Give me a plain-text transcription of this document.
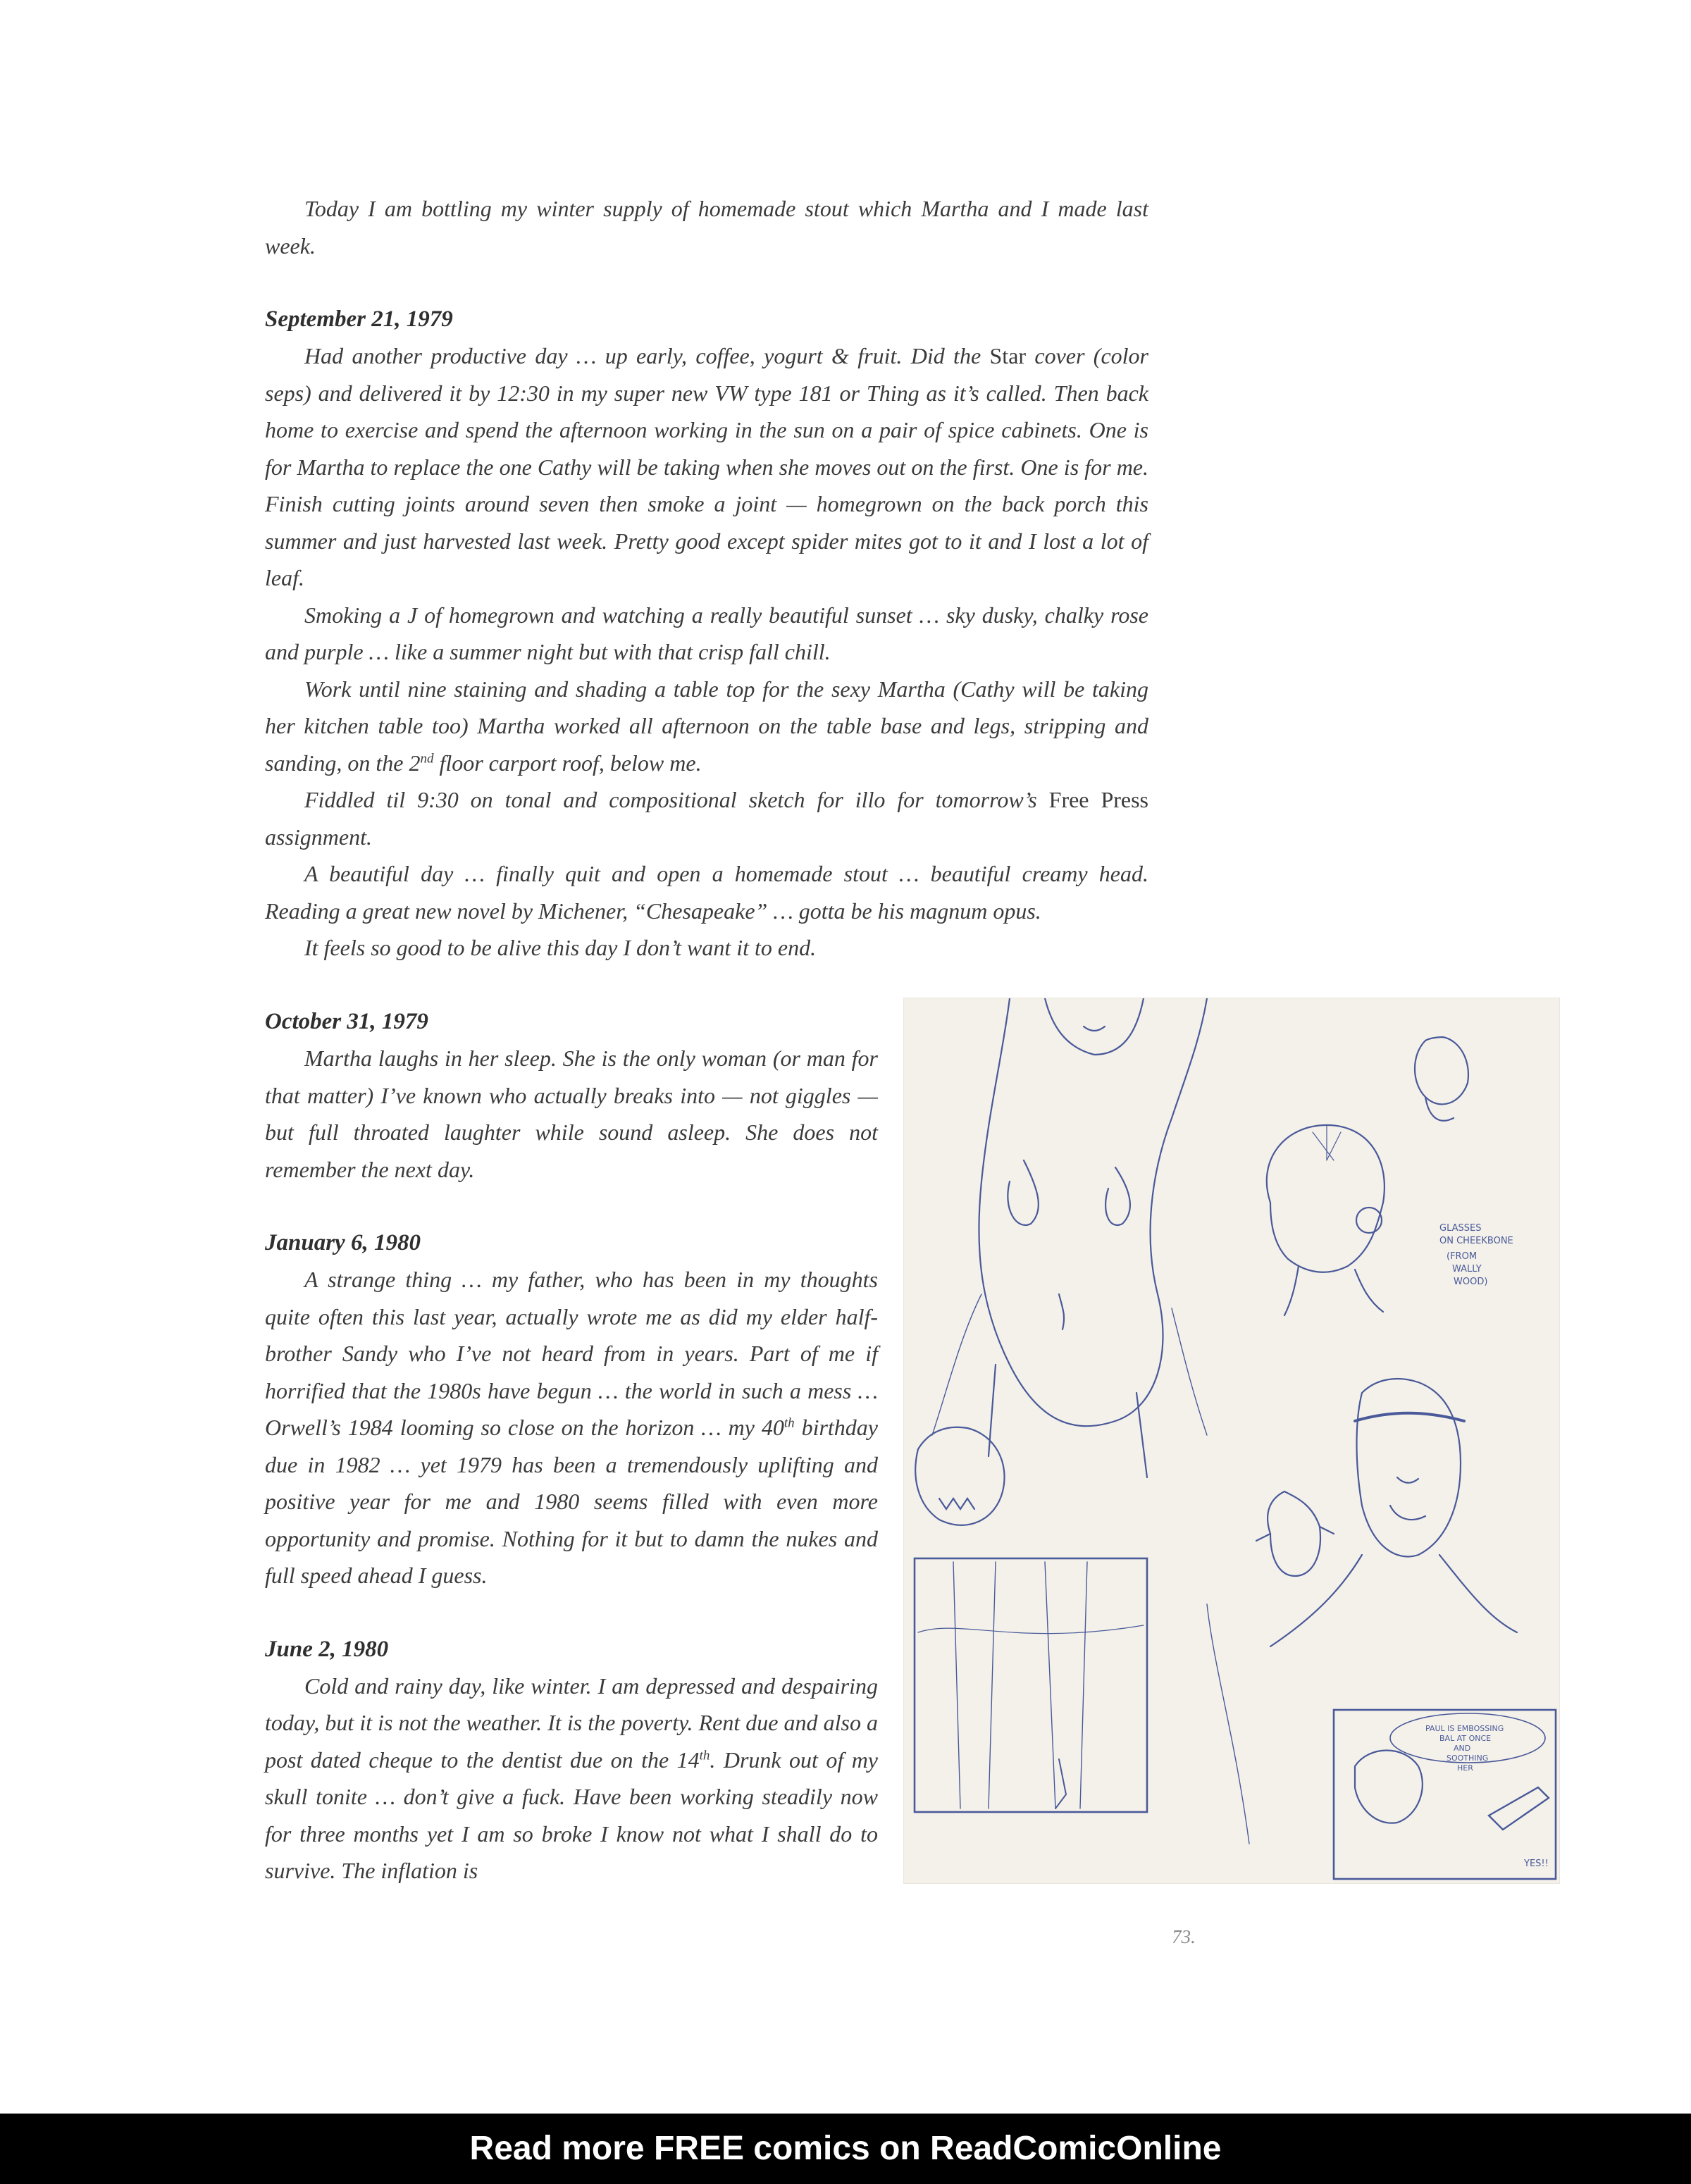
Today I am bottling my winter supply of homemade stout which Martha and I made last week.

September 21, 1979

Had another productive day … up early, coffee, yogurt & fruit. Did the Star cover (color seps) and delivered it by 12:30 in my super new VW type 181 or Thing as it’s called. Then back home to exercise and spend the afternoon working in the sun on a pair of spice cabinets. One is for Martha to replace the one Cathy will be taking when she moves out on the first. One is for me. Finish cutting joints around seven then smoke a joint — homegrown on the back porch this summer and just harvested last week. Pretty good except spider mites got to it and I lost a lot of leaf.

Smoking a J of homegrown and watching a really beautiful sunset … sky dusky, chalky rose and purple … like a summer night but with that crisp fall chill.

Work until nine staining and shading a table top for the sexy Martha (Cathy will be taking her kitchen table too) Martha worked all afternoon on the table base and legs, stripping and sanding, on the 2nd floor carport roof, below me.

Fiddled til 9:30 on tonal and compositional sketch for illo for tomorrow’s Free Press assignment.

A beautiful day … finally quit and open a homemade stout … beautiful creamy head. Reading a great new novel by Michener, “Chesapeake” … gotta be his magnum opus.

It feels so good to be alive this day I don’t want it to end.

October 31, 1979

Martha laughs in her sleep. She is the only woman (or man for that matter) I’ve known who actually breaks into — not giggles — but full throated laughter while sound asleep. She does not remember the next day.

January 6, 1980

A strange thing … my father, who has been in my thoughts quite often this last year, actually wrote me as did my elder half-brother Sandy who I’ve not heard from in years. Part of me if horrified that the 1980s have begun … the world in such a mess … Orwell’s 1984 looming so close on the horizon … my 40th birthday due in 1982 … yet 1979 has been a tremendously uplifting and positive year for me and 1980 seems filled with even more opportunity and promise. Nothing for it but to damn the nukes and full speed ahead I guess.

June 2, 1980

Cold and rainy day, like winter. I am depressed and despairing today, but it is not the weather. It is the poverty. Rent due and also a post dated cheque to the dentist due on the 14th. Drunk out of my skull tonite … don’t give a fuck. Have been working steadily now for three months yet I am so broke I know not what I shall do to survive. The inflation is

GLASSES
ON CHEEKBONE
(FROM
WALLY
WOOD)
PAUL IS EMBOSSING
BAL AT ONCE
AND
SOOTHING
HER
YES!!
73.
Read more FREE comics on ReadComicOnline
